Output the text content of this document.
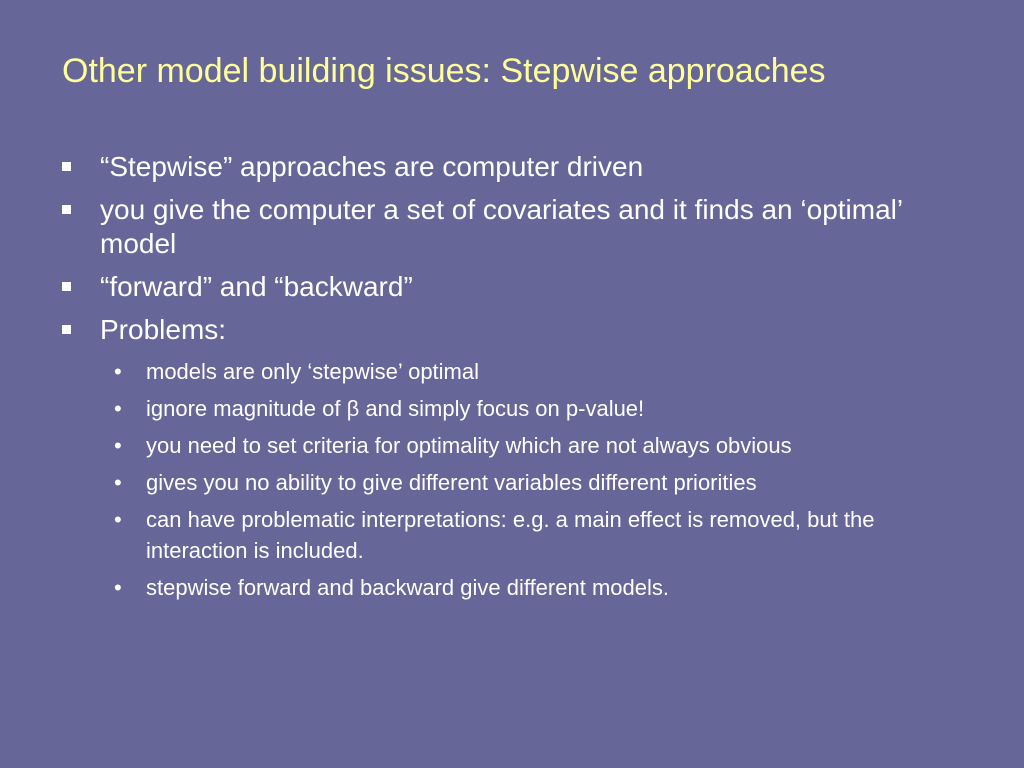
Other model building issues: Stepwise approaches
“Stepwise” approaches are computer driven
you give the computer a set of covariates and it finds an ‘optimal’ model
“forward” and “backward”
Problems:
• models are only ‘stepwise’ optimal
• ignore magnitude of β and simply focus on p-value!
• you need to set criteria for optimality which are not always obvious
• gives you no ability to give different variables different priorities
• can have problematic interpretations: e.g. a main effect is removed, but the interaction is included.
• stepwise forward and backward give different models.
